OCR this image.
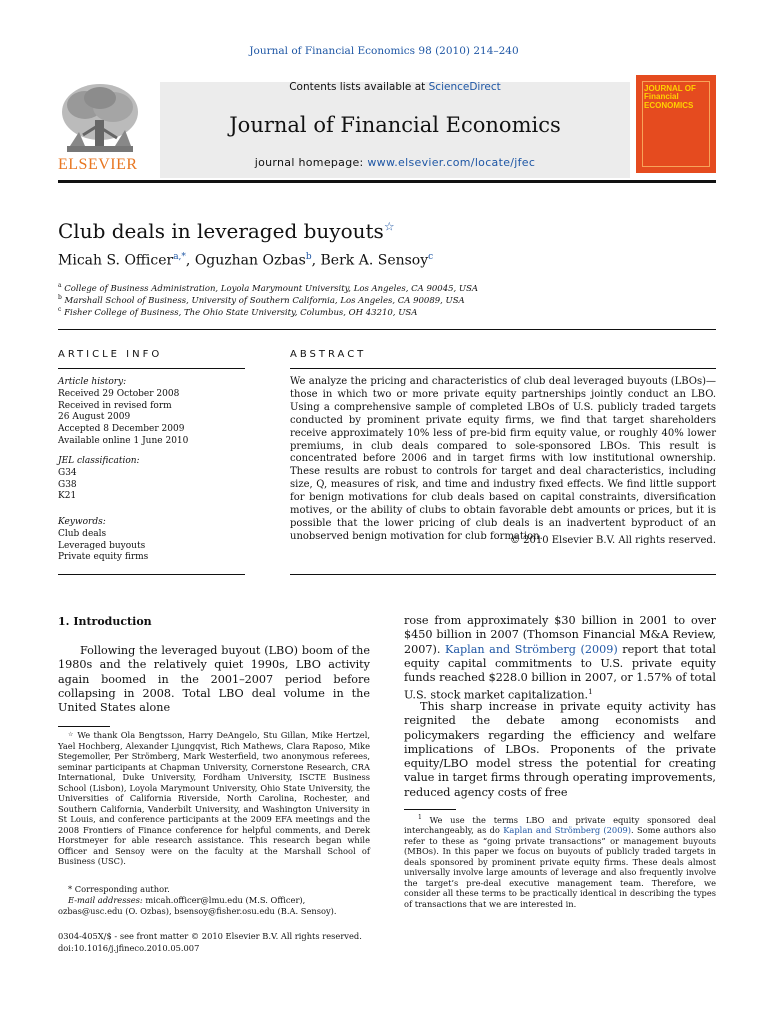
Journal of Financial Economics 98 (2010) 214–240
Contents lists available at ScienceDirect
Journal of Financial Economics
journal homepage: www.elsevier.com/locate/jfec
ELSEVIER
JOURNAL OF Financial ECONOMICS
Club deals in leveraged buyouts☆
Micah S. Officer$^{a,*}$, Oguzhan Ozbas$^b$, Berk A. Sensoy$^c$
$^a$ College of Business Administration, Loyola Marymount University, Los Angeles, CA 90045, USA
$^b$ Marshall School of Business, University of Southern California, Los Angeles, CA 90089, USA
$^c$ Fisher College of Business, The Ohio State University, Columbus, OH 43210, USA
ARTICLE INFO
Article history:
Received 29 October 2008
Received in revised form
26 August 2009
Accepted 8 December 2009
Available online 1 June 2010
JEL classification:
G34
G38
K21
Keywords:
Club deals
Leveraged buyouts
Private equity firms
ABSTRACT
We analyze the pricing and characteristics of club deal leveraged buyouts (LBOs)—those in which two or more private equity partnerships jointly conduct an LBO. Using a comprehensive sample of completed LBOs of U.S. publicly traded targets conducted by prominent private equity firms, we find that target shareholders receive approximately 10% less of pre-bid firm equity value, or roughly 40% lower premiums, in club deals compared to sole-sponsored LBOs. This result is concentrated before 2006 and in target firms with low institutional ownership. These results are robust to controls for target and deal characteristics, including size, Q, measures of risk, and time and industry fixed effects. We find little support for benign motivations for club deals based on capital constraints, diversification motives, or the ability of clubs to obtain favorable debt amounts or prices, but it is possible that the lower pricing of club deals is an inadvertent byproduct of an unobserved benign motivation for club formation.
© 2010 Elsevier B.V. All rights reserved.
1. Introduction
Following the leveraged buyout (LBO) boom of the 1980s and the relatively quiet 1990s, LBO activity again boomed in the 2001–2007 period before collapsing in 2008. Total LBO deal volume in the United States alone
rose from approximately $30 billion in 2001 to over $450 billion in 2007 (Thomson Financial M&A Review, 2007). Kaplan and Strömberg (2009) report that total equity capital commitments to U.S. private equity funds reached $228.0 billion in 2007, or 1.57% of total U.S. stock market capitalization.$^1$
This sharp increase in private equity activity has reignited the debate among economists and policymakers regarding the efficiency and welfare implications of LBOs. Proponents of the private equity/LBO model stress the potential for creating value in target firms through operating improvements, reduced agency costs of free
☆ We thank Ola Bengtsson, Harry DeAngelo, Stu Gillan, Mike Hertzel, Yael Hochberg, Alexander Ljungqvist, Rich Mathews, Clara Raposo, Mike Stegemoller, Per Strömberg, Mark Westerfield, two anonymous referees, seminar participants at Chapman University, Cornerstone Research, CRA International, Duke University, Fordham University, ISCTE Business School (Lisbon), Loyola Marymount University, Ohio State University, the Universities of California Riverside, North Carolina, Rochester, and Southern California, Vanderbilt University, and Washington University in St Louis, and conference participants at the 2009 EFA meetings and the 2008 Frontiers of Finance conference for helpful comments, and Derek Horstmeyer for able research assistance. This research began while Officer and Sensoy were on the faculty at the Marshall School of Business (USC).
* Corresponding author.
E-mail addresses: micah.officer@lmu.edu (M.S. Officer),
ozbas@usc.edu (O. Ozbas), bsensoy@fisher.osu.edu (B.A. Sensoy).
0304-405X/$ - see front matter © 2010 Elsevier B.V. All rights reserved.
doi:10.1016/j.jfineco.2010.05.007
$^1$ We use the terms LBO and private equity sponsored deal interchangeably, as do Kaplan and Strömberg (2009). Some authors also refer to these as “going private transactions” or management buyouts (MBOs). In this paper we focus on buyouts of publicly traded targets in deals sponsored by prominent private equity firms. These deals almost universally involve large amounts of leverage and also frequently involve the target’s pre-deal executive management team. Therefore, we consider all these terms to be practically identical in describing the types of transactions that we are interested in.
